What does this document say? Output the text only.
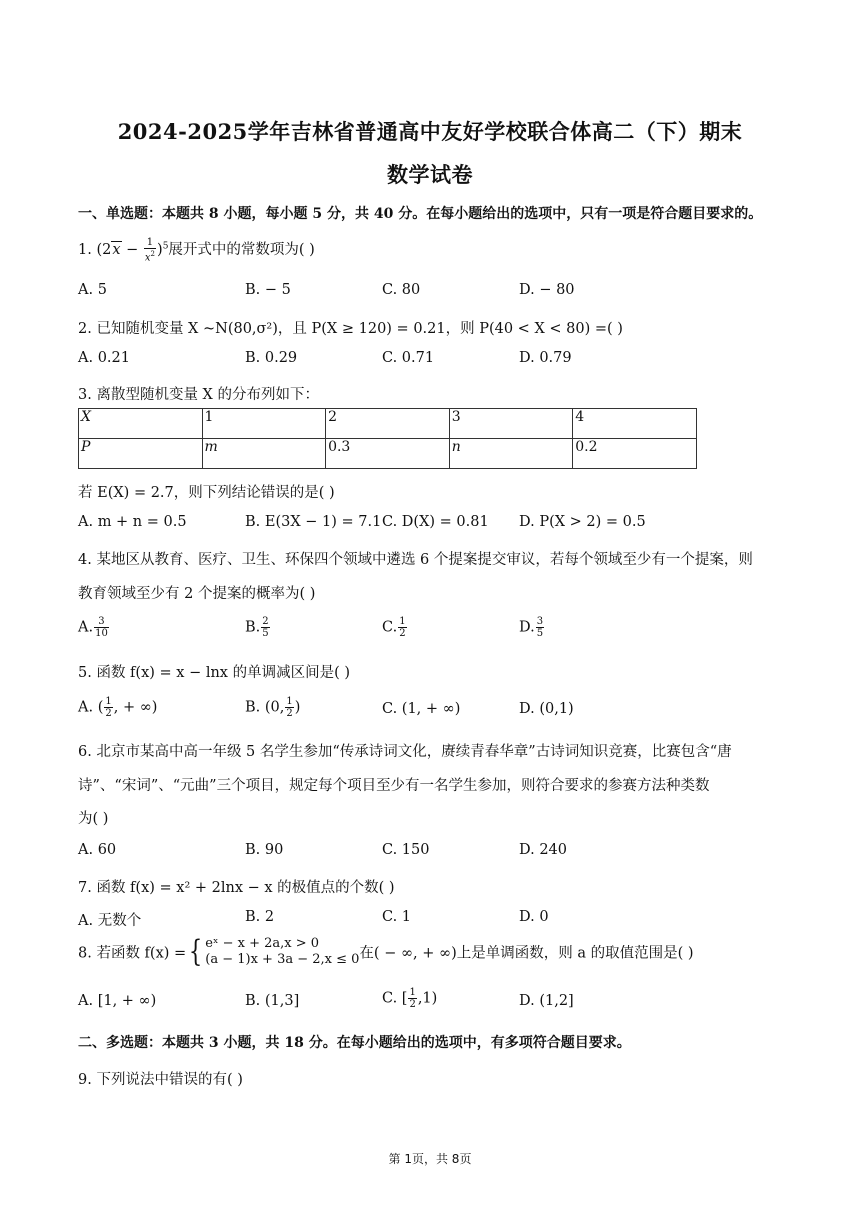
2024-2025学年吉林省普通高中友好学校联合体高二（下）期末
数学试卷
一、单选题：本题共 8 小题，每小题 5 分，共 40 分。在每小题给出的选项中，只有一项是符合题目要求的。
1. $(2x - \frac{1}{x^2} )^5$展开式中的常数项为( )
A. 5	B. − 5	C. 80	D. − 80
2. 已知随机变量 X ~N(80,σ²)，且 P(X ≥ 120) = 0.21，则 P(40 < X < 80) =( )
A. 0.21	B. 0.29	C. 0.71	D. 0.79
3. 离散型随机变量 X 的分布列如下：
X	1	2	3	4
P	m	0.3	n	0.2
若 E(X) = 2.7，则下列结论错误的是( )
A. m + n = 0.5	B. E(3X − 1) = 7.1 C. D(X) = 0.81 D. P(X > 2) = 0.5
4. 某地区从教育、医疗、卫生、环保四个领域中遴选 6 个提案提交审议，若每个领域至少有一个提案，则
教育领域至少有 2 个提案的概率为( )
A. $\frac{3}{10}$	B. $\frac{2}{5}$	C. $\frac{1}{2}$	D. $\frac{3}{5}$
5. 函数 f(x) = x − lnx 的单调减区间是( )
A. ( $\frac{1}{2}$ , + ∞)	B. (0, $\frac{1}{2}$ )	C. (1, + ∞)	D. (0,1)
6. 北京市某高中高一年级 5 名学生参加“传承诗词文化，赓续青春华章”古诗词知识竞赛，比赛包含“唐
诗”、“宋词”、“元曲”三个项目，规定每个项目至少有一名学生参加，则符合要求的参赛方法种类数
为( )
A. 60	B. 90	C. 150	D. 240
7. 函数 f(x) = x² + 2lnx − x 的极值点的个数( )
A. 无数个	B. 2	C. 1	D. 0
8. 若函数 f(x) ={ eˣ − x + 2a,x > 0
(a − 1)x + 3a − 2,x ≤ 0 在( − ∞, + ∞)上是单调函数，则 a 的取值范围是( )
A. [1, + ∞)	B. (1,3]	C. [ $\frac{1}{2} ,1$)	D. (1,2]
二、多选题：本题共 3 小题，共 18 分。在每小题给出的选项中，有多项符合题目要求。
9. 下列说法中错误的有( )
第 1页，共 8页
